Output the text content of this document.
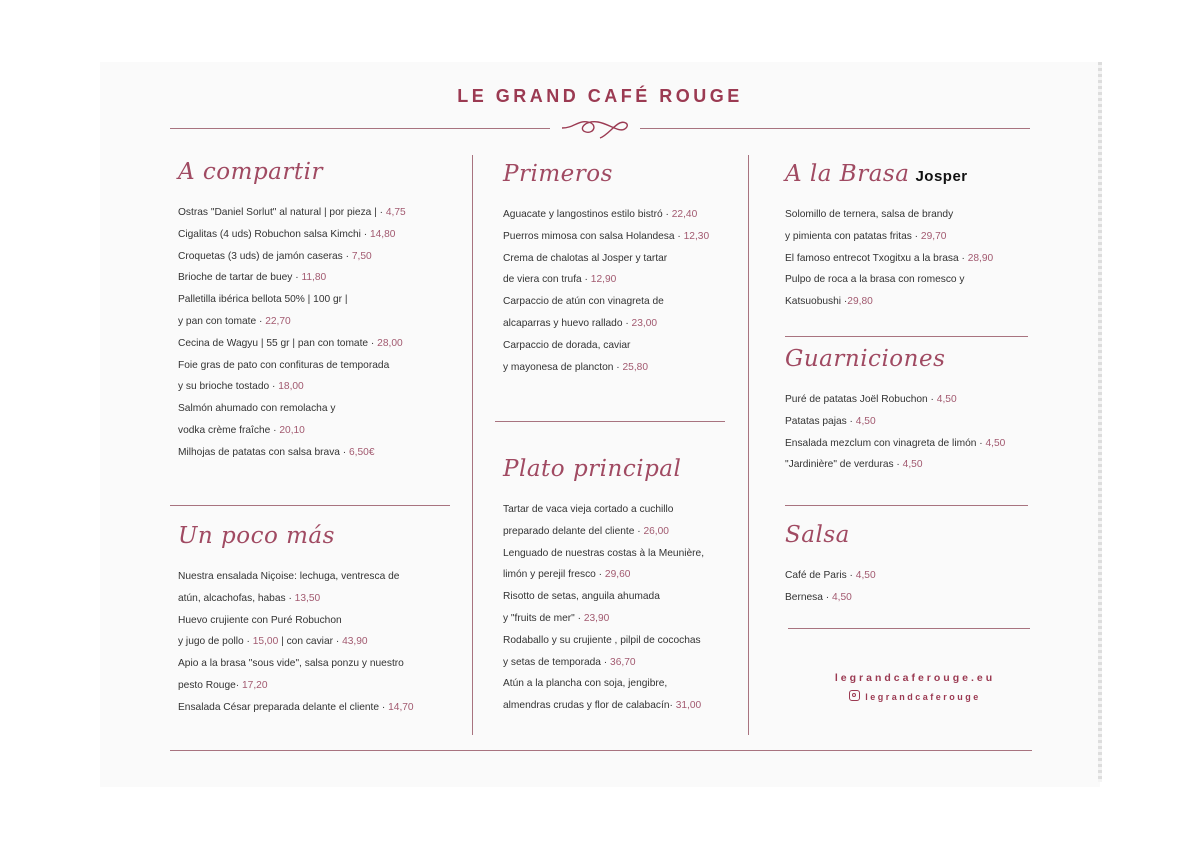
LE GRAND CAFÉ ROUGE
A compartir
Ostras "Daniel Sorlut" al natural | por pieza | · 4,75
Cigalitas (4 uds) Robuchon salsa Kimchi · 14,80
Croquetas (3 uds) de jamón caseras · 7,50
Brioche de tartar de buey · 11,80
Palletilla ibérica bellota 50% | 100 gr |
y pan con tomate · 22,70
Cecina de Wagyu | 55 gr | pan con tomate · 28,00
Foie gras de pato con confituras de temporada
y su brioche tostado · 18,00
Salmón ahumado con remolacha y
vodka crème fraîche · 20,10
Milhojas de patatas con salsa brava · 6,50€
Un poco más
Nuestra ensalada Niçoise: lechuga, ventresca de
atún, alcachofas, habas · 13,50
Huevo crujiente con Puré Robuchon
y jugo de pollo · 15,00 | con caviar · 43,90
Apio a la brasa "sous vide", salsa ponzu y nuestro
pesto Rouge· 17,20
Ensalada César preparada delante el cliente · 14,70
Primeros
Aguacate y langostinos estilo bistró · 22,40
Puerros mimosa con salsa Holandesa · 12,30
Crema de chalotas al Josper y tartar
de viera con trufa · 12,90
Carpaccio de atún con vinagreta de
alcaparras y huevo rallado · 23,00
Carpaccio de dorada, caviar
y mayonesa de plancton · 25,80
Plato principal
Tartar de vaca vieja cortado a cuchillo
preparado delante del cliente · 26,00
Lenguado de nuestras costas à la Meunière,
limón y perejil fresco · 29,60
Risotto de setas, anguila ahumada
y "fruits de mer" · 23,90
Rodaballo y su crujiente , pilpil de cocochas
y setas de temporada · 36,70
Atún a la plancha con soja, jengibre,
almendras crudas y flor de calabacín· 31,00
A la Brasa Josper
Solomillo de ternera, salsa de brandy
y pimienta con patatas fritas · 29,70
El famoso entrecot Txogitxu a la brasa · 28,90
Pulpo de roca a la brasa con romesco y
Katsuobushi ·29,80
Guarniciones
Puré de patatas Joël Robuchon · 4,50
Patatas pajas · 4,50
Ensalada mezclum con vinagreta de limón · 4,50
"Jardinière" de verduras · 4,50
Salsa
Café de Paris · 4,50
Bernesa · 4,50
legrandcaferouge.eu
legrandcaferouge
